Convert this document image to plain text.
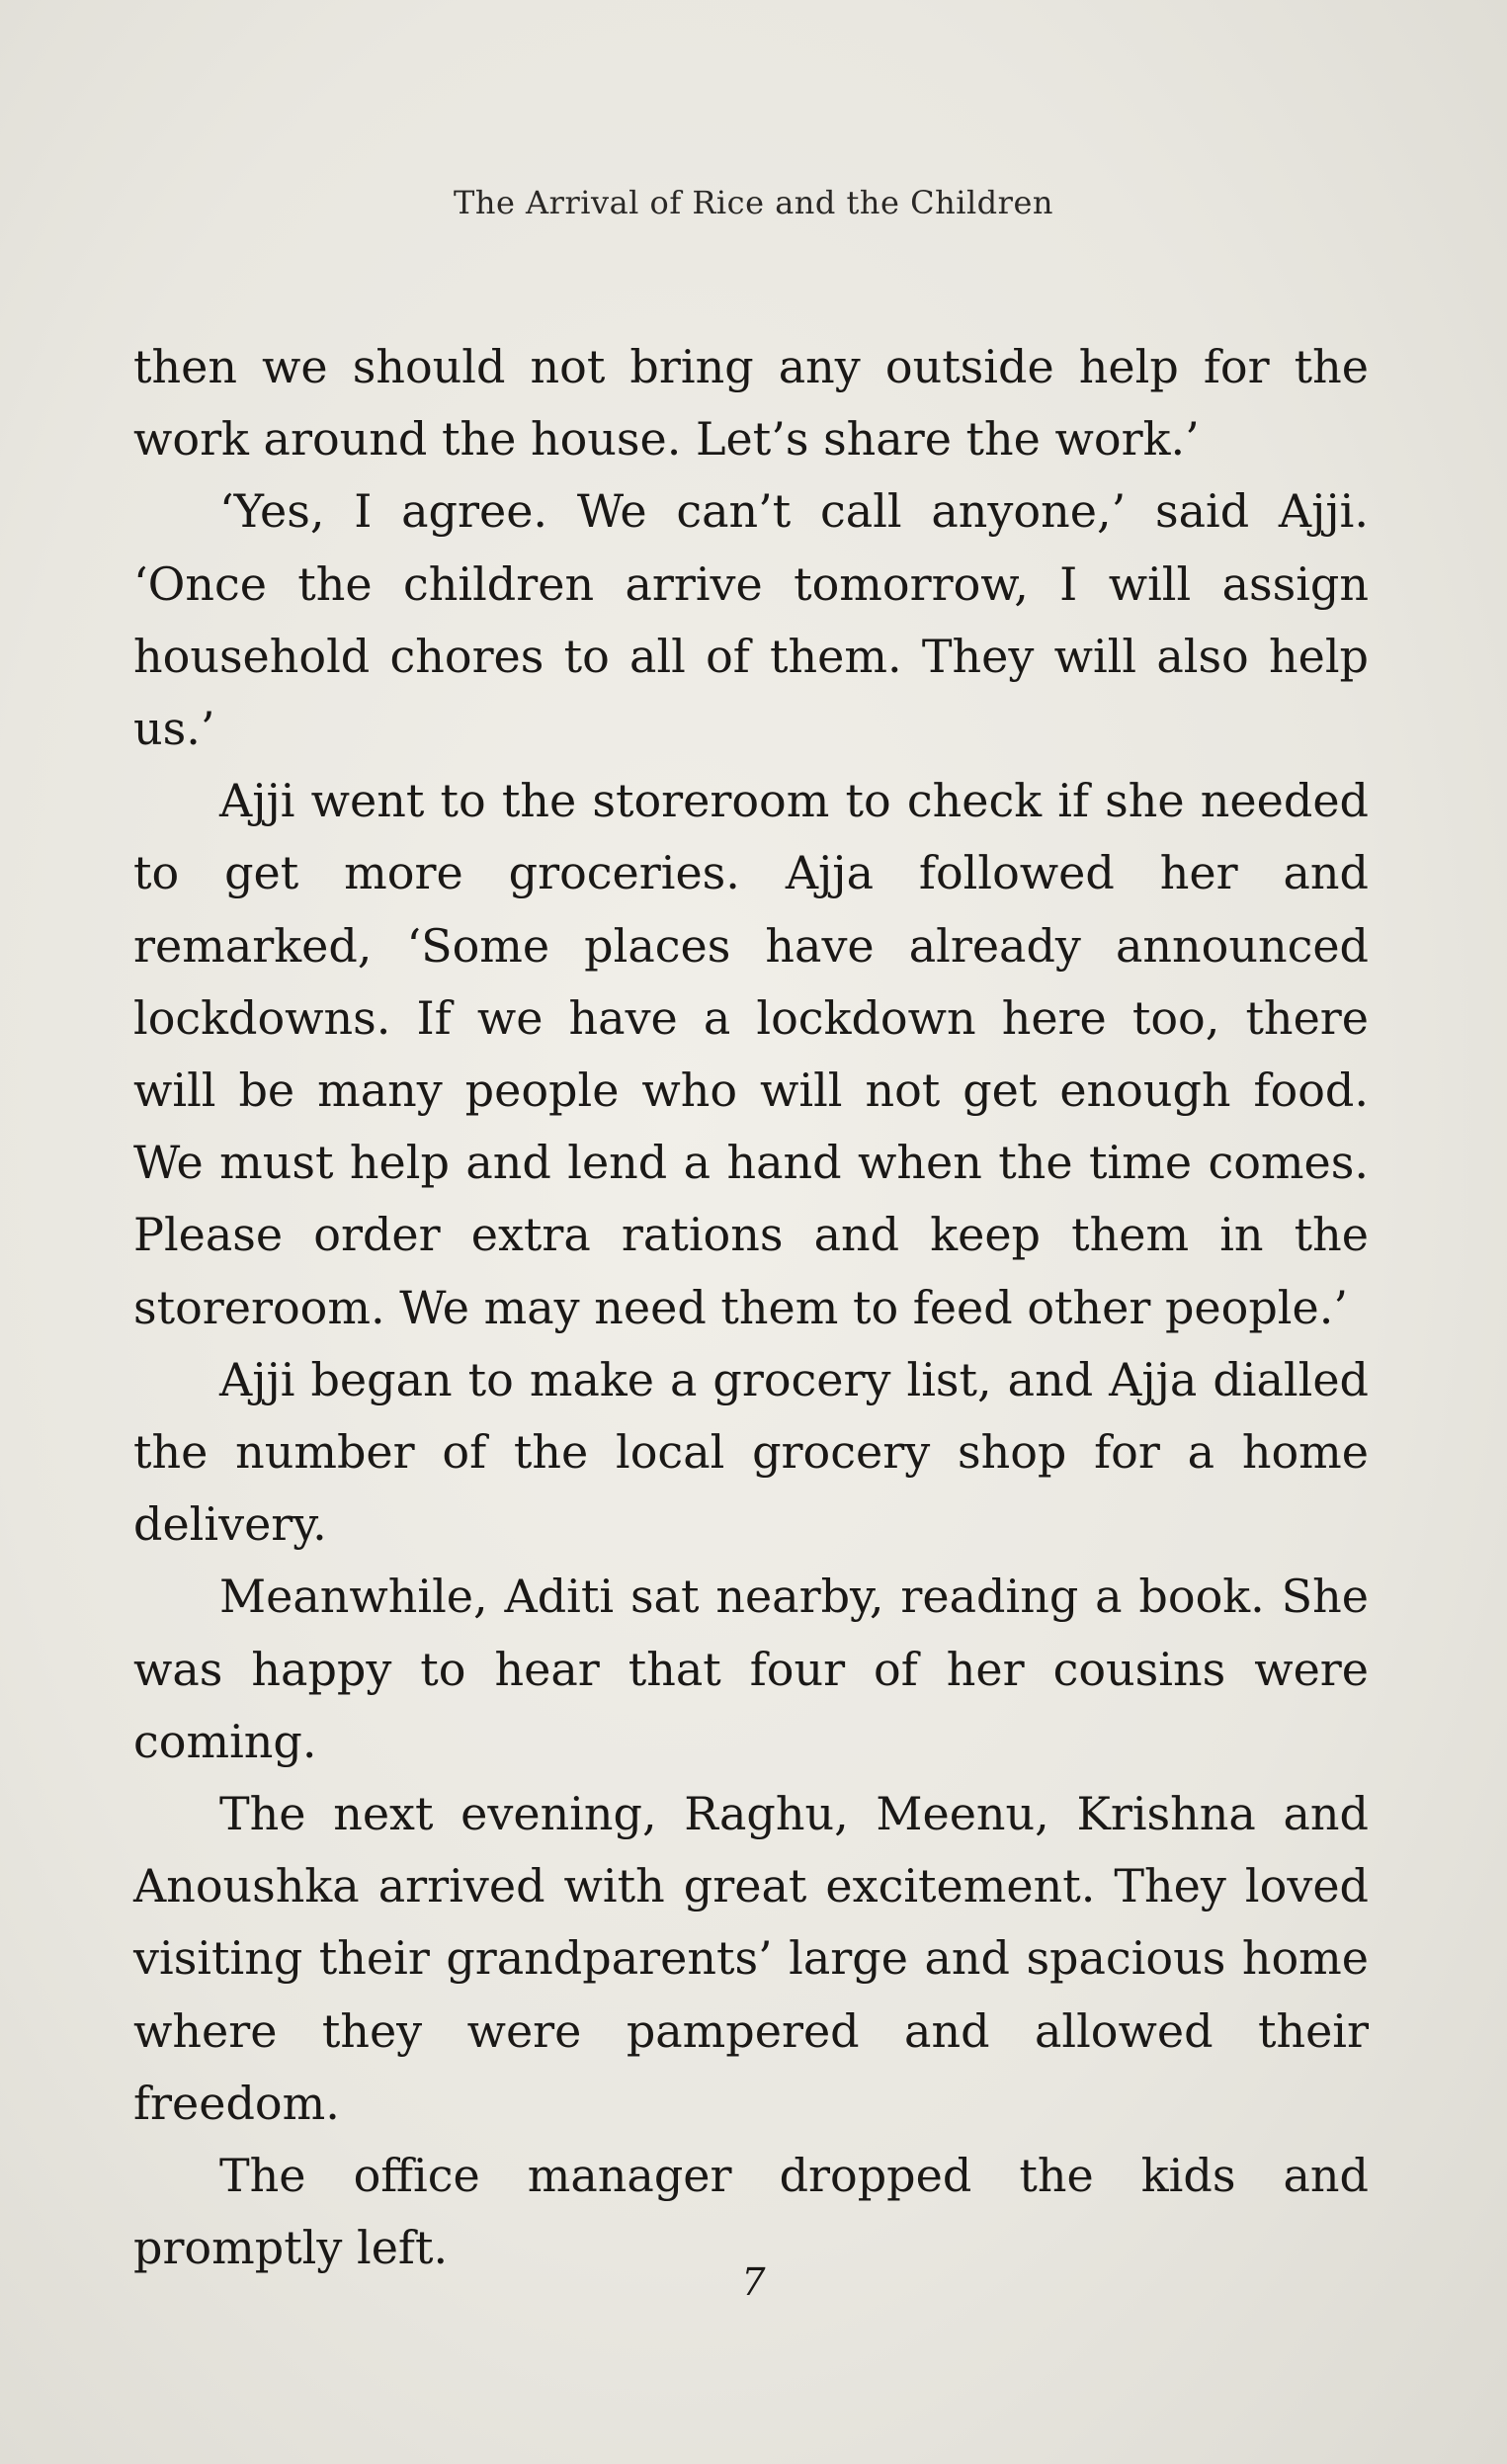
The Arrival of Rice and the Children

then we should not bring any outside help for the work around the house. Let’s share the work.’

‘Yes, I agree. We can’t call anyone,’ said Ajji. ‘Once the children arrive tomorrow, I will assign household chores to all of them. They will also help us.’

Ajji went to the storeroom to check if she needed to get more groceries. Ajja followed her and remarked, ‘Some places have already announced lockdowns. If we have a lockdown here too, there will be many people who will not get enough food. We must help and lend a hand when the time comes. Please order extra rations and keep them in the storeroom. We may need them to feed other people.’

Ajji began to make a grocery list, and Ajja dialled the number of the local grocery shop for a home delivery.

Meanwhile, Aditi sat nearby, reading a book. She was happy to hear that four of her cousins were coming.

The next evening, Raghu, Meenu, Krishna and Anoushka arrived with great excitement. They loved visiting their grandparents’ large and spacious home where they were pampered and allowed their freedom.

The office manager dropped the kids and promptly left.

7
